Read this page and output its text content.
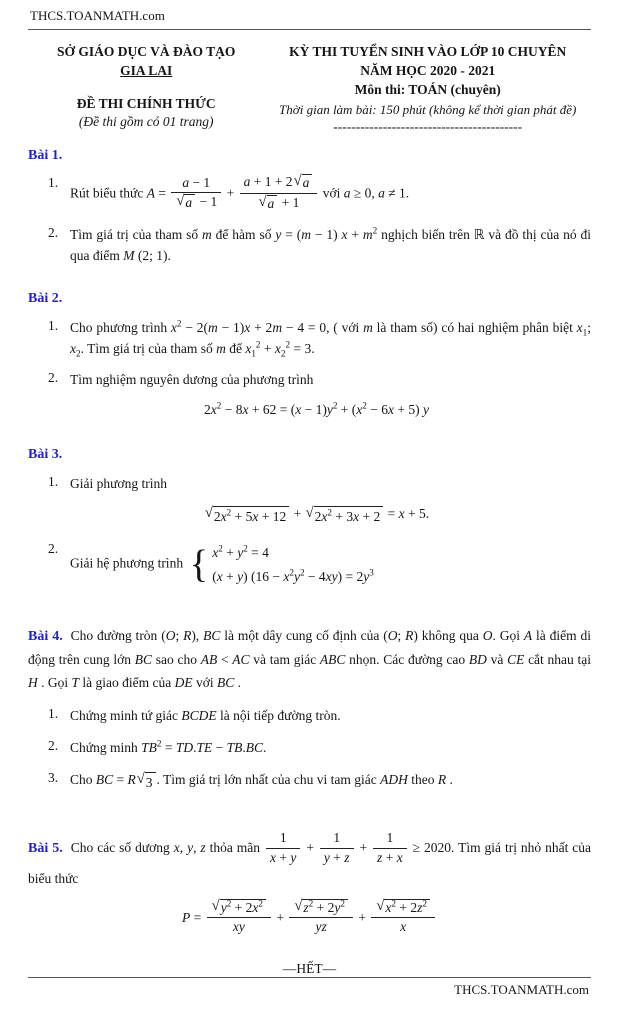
THCS.TOANMATH.com
SỞ GIÁO DỤC VÀ ĐÀO TẠO
GIA LAI
ĐỀ THI CHÍNH THỨC
(Đề thi gồm có 01 trang)
KỲ THI TUYỂN SINH VÀO LỚP 10 CHUYÊN
NĂM HỌC 2020 - 2021
Môn thi: TOÁN (chuyên)
Thời gian làm bài: 150 phút (không kể thời gian phát đề)
------------------------------------------
Bài 1.
1.
Rút biểu thức $A = \frac{a - 1}{√ a - 1} + \frac{a + 1 + 2 √ a}{√ a + 1}$ với a ≥ 0, a ≠ 1.
2. Tìm giá trị của tham số m để hàm số y = (m − 1) $x + m^2$ nghịch biến trên ℝ và đồ thị của nó đi qua điểm M (2; 1).
Bài 2.
1. Cho phương trình $x^2 - 2(m - 1)x + 2m - 4 = 0$, ( với m là tham số) có hai nghiệm phân biệt $x_1$; $x_2$. Tìm giá trị của tham số m để $x_1^2 + x_2^2 = 3$.
2. Tìm nghiệm nguyên dương của phương trình
$2x^2 - 8x + 62 = (x - 1)y^2 + (x^2 - 6x + 5)$ y
Bài 3.
1. Giải phương trình
√ $2x^2 + 5x + 12$ + √ $2x^2 + 3x + 2 = x + 5$.
2.
Giải hệ phương trình { $x^2 + y^2 = 4$
(x + y) $(16 - x^2y^2 - 4xy) = 2y^3$

Bài 4. Cho đường tròn (O; R), BC là một dây cung cố định của (O; R) không qua O. Gọi A là điểm di động trên cung lớn BC sao cho AB < AC và tam giác ABC nhọn. Các đường cao BD và CE cắt nhau tại H . Gọi T là giao điểm của DE với BC .

1. Chứng minh tứ giác BCDE là nội tiếp đường tròn.
2. Chứng minh $TB^2 = TD.TE - TB.BC$.
3. Cho BC = R √ 3 . Tìm giá trị lớn nhất của chu vi tam giác ADH theo R .

Bài 5. Cho các số dương x, y, z thỏa mãn $\frac{1}{x + y} + \frac{1}{y + z} + \frac{1}{z + x} \ge 2020$. Tìm giá trị nhỏ nhất của biểu thức

$P = \frac{√ y^2 + 2x^2}{xy} + \frac{√ z^2 + 2y^2}{yz} + \frac{√ x^2 + 2z^2}{x}$
—HẾT—
THCS.TOANMATH.com
